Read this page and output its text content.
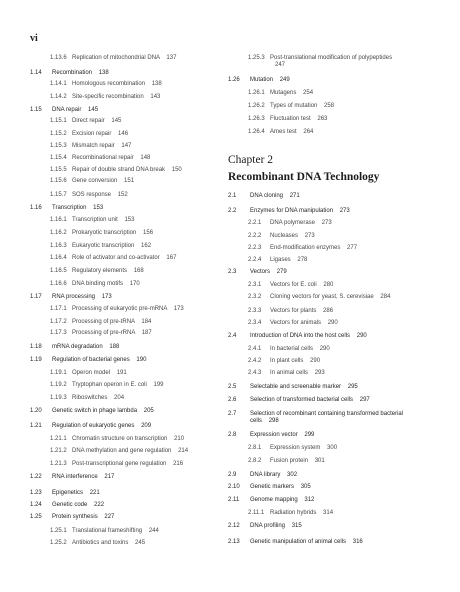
vi
1.13.6 Replication of mitochondrial DNA 137
1.14	Recombination 138
1.14.1 Homologous recombination 138
1.14.2 Site-specific recombination 143
1.15	DNA repair 145
1.15.1 Direct repair 145
1.15.2 Excision repair 146
1.15.3 Mismatch repair 147
1.15.4 Recombinational repair 148
1.15.5 Repair of double strand DNA break 150
1.15.6 Gene conversion 151
1.15.7 SOS response 152
1.16	Transcription 153
1.16.1 Transcription unit 153
1.16.2 Prokaryotic transcription 156
1.16.3 Eukaryotic transcription 162
1.16.4 Role of activator and co-activator 167
1.16.5 Regulatory elements 168
1.16.6 DNA binding motifs 170
1.17	RNA processing 173
1.17.1 Processing of eukaryotic pre-mRNA 173
1.17.2 Processing of pre-tRNA 184
1.17.3 Processing of pre-rRNA 187
1.18	mRNA degradation 188
1.19	Regulation of bacterial genes 190
1.19.1 Operon model 191
1.19.2 Tryptophan operon in E. coli 199
1.19.3 Riboswitches 204
1.20	Genetic switch in phage lambda 205
1.21	Regulation of eukaryotic genes 209
1.21.1 Chromatin structure on transcription 210
1.21.2 DNA methylation and gene regulation 214
1.21.3 Post-transcriptional gene regulation 216
1.22	RNA interference 217
1.23	Epigenetics 221
1.24	Genetic code 222
1.25	Protein synthesis 227
1.25.1 Translational frameshifting 244
1.25.2 Antibiotics and toxins 245
1.25.3 Post-translational modification of polypeptides 247
1.26	Mutation 249
1.26.1 Mutagens 254
1.26.2 Types of mutation 258
1.26.3 Fluctuation test 263
1.26.4 Ames test 264
Chapter 2
Recombinant DNA Technology
2.1	DNA cloning 271
2.2	Enzymes for DNA manipulation 273
2.2.1	DNA polymerase 273
2.2.2	Nucleases 273
2.2.3	End-modification enzymes 277
2.2.4	Ligases 278
2.3	Vectors 279
2.3.1	Vectors for E. coli 280
2.3.2	Cloning vectors for yeast, S. cerevisiae 284
2.3.3	Vectors for plants 286
2.3.4	Vectors for animals 290
2.4	Introduction of DNA into the host cells 290
2.4.1	In bacterial cells 290
2.4.2	In plant cells 290
2.4.3	In animal cells 293
2.5	Selectable and screenable marker 295
2.6	Selection of transformed bacterial cells 297
2.7	Selection of recombinant containing transformed bacterial cells 298
2.8	Expression vector 299
2.8.1	Expression system 300
2.8.2	Fusion protein 301
2.9	DNA library 302
2.10	Genetic markers 305
2.11	Genome mapping 312
2.11.1 Radiation hybrids 314
2.12	DNA profiling 315
2.13	Genetic manipulation of animal cells 316
